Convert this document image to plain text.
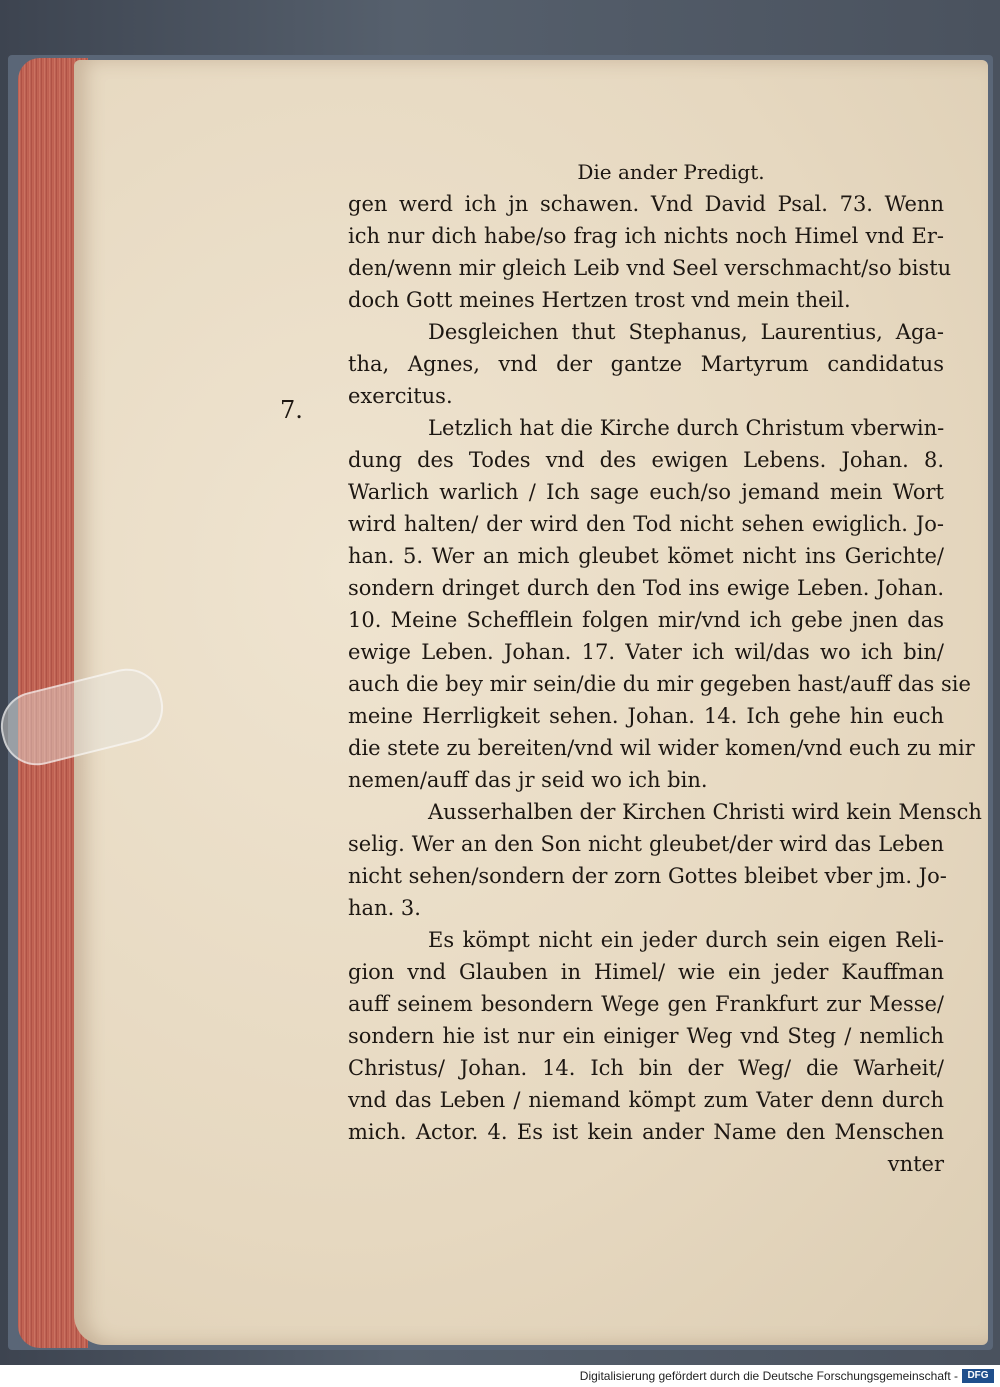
7.
Die ander Predigt.
gen werd ich jn schawen. Vnd David Psal. 73. Wenn
ich nur dich habe/so frag ich nichts noch Himel vnd Er-
den/wenn mir gleich Leib vnd Seel verschmacht/so bistu
doch Gott meines Hertzen trost vnd mein theil.
Desgleichen thut Stephanus, Laurentius, Aga-
tha, Agnes, vnd der gantze Martyrum candidatus
exercitus.
Letzlich hat die Kirche durch Christum vberwin-
dung des Todes vnd des ewigen Lebens. Johan. 8.
Warlich warlich / Ich sage euch/so jemand mein Wort
wird halten/ der wird den Tod nicht sehen ewiglich. Jo-
han. 5. Wer an mich gleubet kömet nicht ins Gerichte/
sondern dringet durch den Tod ins ewige Leben. Johan.
10. Meine Schefflein folgen mir/vnd ich gebe jnen das
ewige Leben. Johan. 17. Vater ich wil/das wo ich bin/
auch die bey mir sein/die du mir gegeben hast/auff das sie
meine Herrligkeit sehen. Johan. 14. Ich gehe hin euch
die stete zu bereiten/vnd wil wider komen/vnd euch zu mir
nemen/auff das jr seid wo ich bin.
Ausserhalben der Kirchen Christi wird kein Mensch
selig. Wer an den Son nicht gleubet/der wird das Leben
nicht sehen/sondern der zorn Gottes bleibet vber jm. Jo-
han. 3.
Es kömpt nicht ein jeder durch sein eigen Reli-
gion vnd Glauben in Himel/ wie ein jeder Kauffman
auff seinem besondern Wege gen Frankfurt zur Messe/
sondern hie ist nur ein einiger Weg vnd Steg / nemlich
Christus/ Johan. 14. Ich bin der Weg/ die Warheit/
vnd das Leben / niemand kömpt zum Vater denn durch
mich. Actor. 4. Es ist kein ander Name den Menschen
vnter
Digitalisierung gefördert durch die Deutsche Forschungsgemeinschaft - DFG
